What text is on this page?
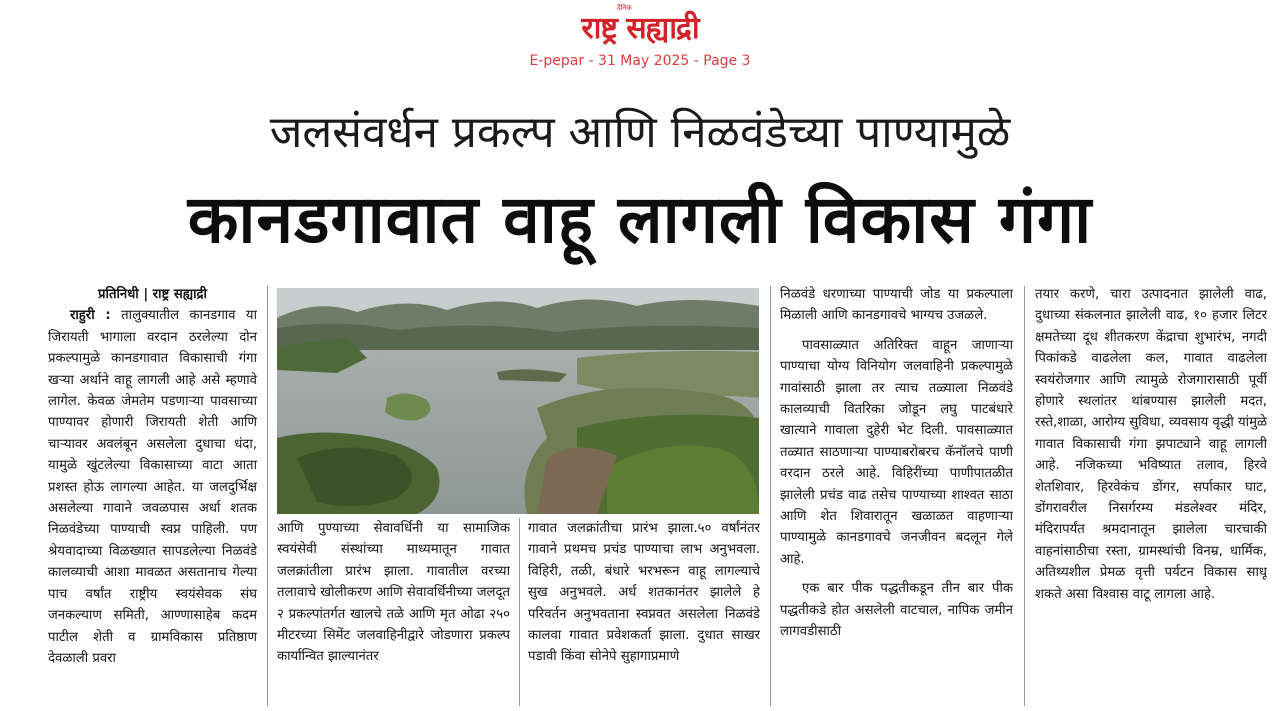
दैनिक
राष्ट्र सह्याद्री
E-pepar - 31 May 2025 - Page 3
जलसंवर्धन प्रकल्प आणि निळवंडेच्या पाण्यामुळे
कानडगावात वाहू लागली विकास गंगा

प्रतिनिधी | राष्ट्र सह्याद्री

राहुरी : तालुक्यातील कानडगाव या जिरायती भागाला वरदान ठरलेल्या दोन प्रकल्पामुळे कानडगावात विकासाची गंगा खऱ्या अर्थाने वाहू लागली आहे असे म्हणावे लागेल. केवळ जेमतेम पडणाऱ्या पावसाच्या पाण्यावर होणारी जिरायती शेती आणि चाऱ्यावर अवलंबून असलेला दुधाचा धंदा, यामुळे खुंटलेल्या विकासाच्या वाटा आता प्रशस्त होऊ लागल्या आहेत. या जलदुर्भिक्ष असलेल्या गावाने जवळपास अर्धा शतक निळवंडेच्या पाण्याची स्वप्न पाहिली. पण श्रेयवादाच्या विळख्यात सापडलेल्या निळवंडे कालव्याची आशा मावळत असतानाच गेल्या पाच वर्षांत राष्ट्रीय स्वयंसेवक संघ जनकल्याण समिती, आण्णासाहेब कदम पाटील शेती व ग्रामविकास प्रतिष्ठाण देवळाली प्रवरा

आणि पुण्याच्या सेवावर्धिनी या सामाजिक स्वयंसेवी संस्थांच्या माध्यमातून गावात जलक्रांतीला प्रारंभ झाला. गावातील वरच्या तलावाचे खोलीकरण आणि सेवावर्धिनीच्या जलदूत २ प्रकल्पांतर्गत खालचे तळे आणि मृत ओढा २५० मीटरच्या सिमेंट जलवाहिनीद्वारे जोडणारा प्रकल्प कार्यान्वित झाल्यानंतर

गावात जलक्रांतीचा प्रारंभ झाला.५० वर्षांनंतर गावाने प्रथमच प्रचंड पाण्याचा लाभ अनुभवला. विहिरी, तळी, बंधारे भरभरून वाहू लागल्याचे सुख अनुभवले. अर्ध शतकानंतर झालेले हे परिवर्तन अनुभवताना स्वप्नवत असलेला निळवंडे कालवा गावात प्रवेशकर्ता झाला. दुधात साखर पडावी किंवा सोनेपे सुहागाप्रमाणे

निळवंडे धरणाच्या पाण्याची जोड या प्रकल्पाला मिळाली आणि कानडगावचे भाग्यच उजळले.

पावसाळ्यात अतिरिक्त वाहून जाणाऱ्या पाण्याचा योग्य विनियोग जलवाहिनी प्रकल्पामुळे गावांसाठी झाला तर त्याच तळ्याला निळवंडे कालव्याची वितरिका जोडून लघु पाटबंधारे खात्याने गावाला दुहेरी भेट दिली. पावसाळ्यात तळ्यात साठणाऱ्या पाण्याबरोबरच कॅनॉलचे पाणी वरदान ठरले आहे. विहिरींच्या पाणीपातळीत झालेली प्रचंड वाढ तसेच पाण्याच्या शाश्वत साठा आणि शेत शिवारातून खळाळत वाहणाऱ्या पाण्यामुळे कानडगावचे जनजीवन बदलून गेले आहे.

एक बार पीक पद्धतीकडून तीन बार पीक पद्धतीकडे होत असलेली वाटचाल, नापिक जमीन लागवडीसाठी

तयार करणे, चारा उत्पादनात झालेली वाढ, दुधाच्या संकलनात झालेली वाढ, १० हजार लिटर क्षमतेच्या दूध शीतकरण केंद्राचा शुभारंभ, नगदी पिकांकडे वाढलेला कल, गावात वाढलेला स्वयंरोजगार आणि त्यामुळे रोजगारासाठी पूर्वी होणारे स्थलांतर थांबण्यास झालेली मदत, रस्ते,शाळा, आरोग्य सुविधा, व्यवसाय वृद्धी यांमुळे गावात विकासाची गंगा झपाट्याने वाहू लागली आहे. नजिकच्या भविष्यात तलाव, हिरवे शेतशिवार, हिरवेकंच डोंगर, सर्पाकार घाट, डोंगरावरील निसर्गरम्य मंडलेश्वर मंदिर, मंदिरापर्यंत श्रमदानातून झालेला चारचाकी वाहनांसाठीचा रस्ता, ग्रामस्थांची विनम्र, धार्मिक, अतिथ्यशील प्रेमळ वृत्ती पर्यटन विकास साधू शकते असा विश्वास वाटू लागला आहे.
